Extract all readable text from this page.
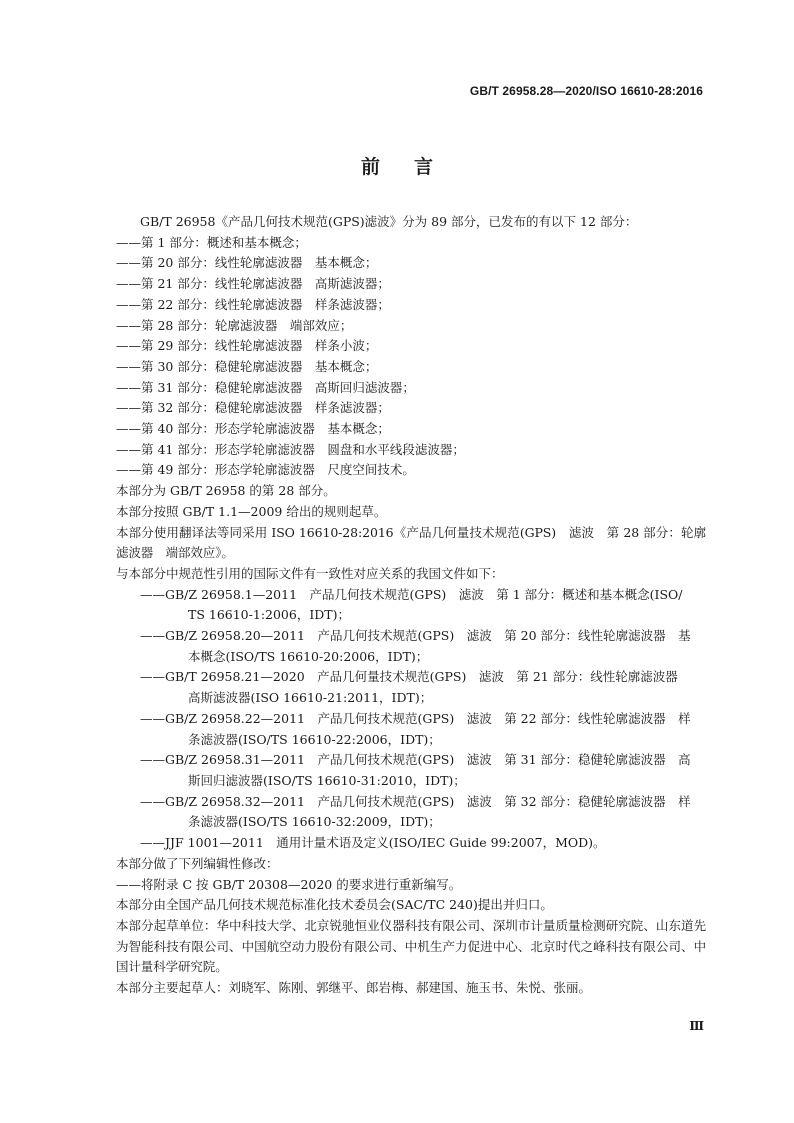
GB/T 26958.28—2020/ISO 16610-28:2016
前言

GB/T 26958《产品几何技术规范(GPS)滤波》分为 89 部分，已发布的有以下 12 部分：

——第 1 部分：概述和基本概念；

——第 20 部分：线性轮廓滤波器　基本概念；

——第 21 部分：线性轮廓滤波器　高斯滤波器；

——第 22 部分：线性轮廓滤波器　样条滤波器；

——第 28 部分：轮廓滤波器　端部效应；

——第 29 部分：线性轮廓滤波器　样条小波；

——第 30 部分：稳健轮廓滤波器　基本概念；

——第 31 部分：稳健轮廓滤波器　高斯回归滤波器；

——第 32 部分：稳健轮廓滤波器　样条滤波器；

——第 40 部分：形态学轮廓滤波器　基本概念；

——第 41 部分：形态学轮廓滤波器　圆盘和水平线段滤波器；

——第 49 部分：形态学轮廓滤波器　尺度空间技术。

本部分为 GB/T 26958 的第 28 部分。

本部分按照 GB/T 1.1—2009 给出的规则起草。

本部分使用翻译法等同采用 ISO 16610-28:2016《产品几何量技术规范(GPS)　滤波　第 28 部分：轮廓滤波器　端部效应》。

与本部分中规范性引用的国际文件有一致性对应关系的我国文件如下：

——GB/Z 26958.1—2011　产品几何技术规范(GPS)　滤波　第 1 部分：概述和基本概念(ISO/
TS 16610-1:2006，IDT)；
——GB/Z 26958.20—2011　产品几何技术规范(GPS)　滤波　第 20 部分：线性轮廓滤波器　基
本概念(ISO/TS 16610-20:2006，IDT)；
——GB/T 26958.21—2020　产品几何量技术规范(GPS)　滤波　第 21 部分：线性轮廓滤波器
高斯滤波器(ISO 16610-21:2011，IDT)；
——GB/Z 26958.22—2011　产品几何技术规范(GPS)　滤波　第 22 部分：线性轮廓滤波器　样
条滤波器(ISO/TS 16610-22:2006，IDT)；
——GB/Z 26958.31—2011　产品几何技术规范(GPS)　滤波　第 31 部分：稳健轮廓滤波器　高
斯回归滤波器(ISO/TS 16610-31:2010，IDT)；
——GB/Z 26958.32—2011　产品几何技术规范(GPS)　滤波　第 32 部分：稳健轮廓滤波器　样
条滤波器(ISO/TS 16610-32:2009，IDT)；

——JJF 1001—2011　通用计量术语及定义(ISO/IEC Guide 99:2007，MOD)。

本部分做了下列编辑性修改：

——将附录 C 按 GB/T 20308—2020 的要求进行重新编写。

本部分由全国产品几何技术规范标准化技术委员会(SAC/TC 240)提出并归口。

本部分起草单位：华中科技大学、北京锐驰恒业仪器科技有限公司、深圳市计量质量检测研究院、山东道先为智能科技有限公司、中国航空动力股份有限公司、中机生产力促进中心、北京时代之峰科技有限公司、中国计量科学研究院。

本部分主要起草人：刘晓军、陈刚、郭继平、郎岩梅、郝建国、施玉书、朱悦、张丽。

Ⅲ
